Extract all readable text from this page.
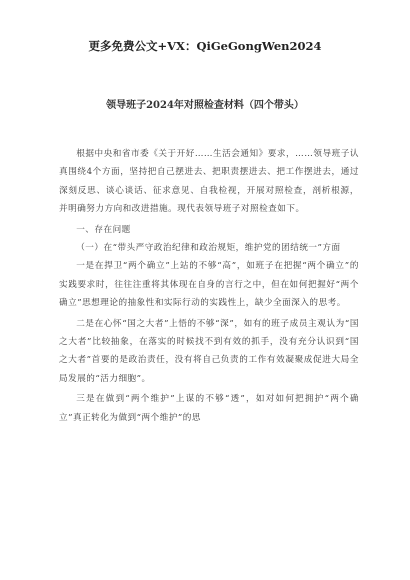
更多免费公文+VX：QiGeGongWen2024
领导班子2024年对照检查材料（四个带头）

根据中央和省市委《关于开好……生活会通知》要求，……领导班子认真围绕4个方面，坚持把自己摆进去、把职责摆进去、把工作摆进去，通过深刻反思、谈心谈话、征求意见、自我检视，开展对照检查，剖析根源，并明确努力方向和改进措施。现代表领导班子对照检查如下。

一、存在问题

（一）在“带头严守政治纪律和政治规矩，维护党的团结统一”方面

一是在捍卫“两个确立”上站的不够“高”，如班子在把握“两个确立”的实践要求时，往往注重将其体现在自身的言行之中，但在如何把握好“两个确立”思想理论的抽象性和实际行动的实践性上，缺少全面深入的思考。

二是在心怀“国之大者”上悟的不够“深”，如有的班子成员主观认为“国之大者”比较抽象，在落实的时候找不到有效的抓手，没有充分认识到“国之大者”首要的是政治责任，没有将自己负责的工作有效凝聚成促进大局全局发展的“活力细胞”。

三是在做到“两个维护”上谋的不够“透”，如对如何把拥护“两个确立”真正转化为做到“两个维护”的思
